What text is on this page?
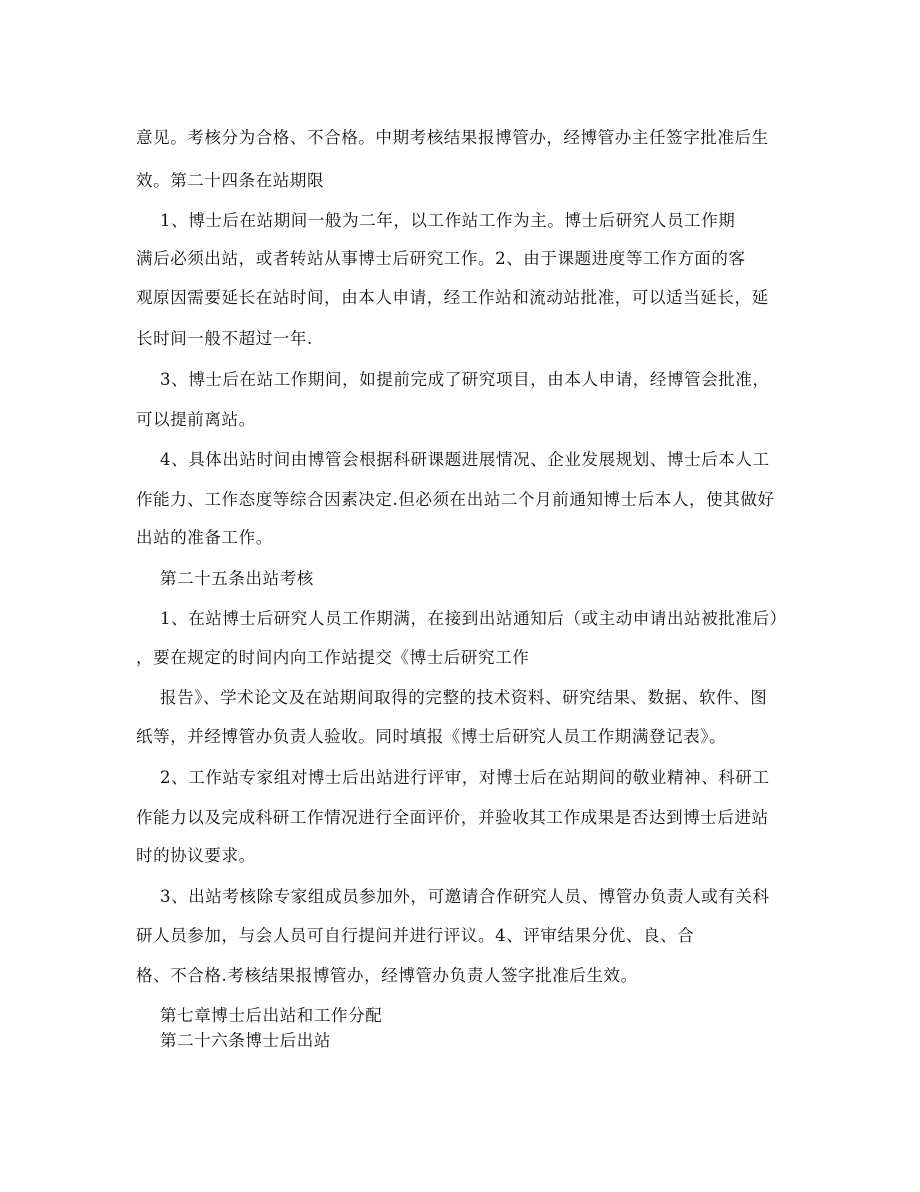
意见。考核分为合格、不合格。中期考核结果报博管办，经博管办主任签字批准后生
效。第二十四条在站期限
1、博士后在站期间一般为二年，以工作站工作为主。博士后研究人员工作期
满后必须出站，或者转站从事博士后研究工作。2、由于课题进度等工作方面的客
观原因需要延长在站时间，由本人申请，经工作站和流动站批准，可以适当延长，延
长时间一般不超过一年.
3、博士后在站工作期间，如提前完成了研究项目，由本人申请，经博管会批准，
可以提前离站。
4、具体出站时间由博管会根据科研课题进展情况、企业发展规划、博士后本人工
作能力、工作态度等综合因素决定.但必须在出站二个月前通知博士后本人，使其做好
出站的准备工作。
第二十五条出站考核
1、在站博士后研究人员工作期满，在接到出站通知后（或主动申请出站被批准后）
，要在规定的时间内向工作站提交《博士后研究工作
报告》、学术论文及在站期间取得的完整的技术资料、研究结果、数据、软件、图
纸等，并经博管办负责人验收。同时填报《博士后研究人员工作期满登记表》。
2、工作站专家组对博士后出站进行评审，对博士后在站期间的敬业精神、科研工
作能力以及完成科研工作情况进行全面评价，并验收其工作成果是否达到博士后进站
时的协议要求。
3、出站考核除专家组成员参加外，可邀请合作研究人员、博管办负责人或有关科
研人员参加，与会人员可自行提问并进行评议。4、评审结果分优、良、合
格、不合格.考核结果报博管办，经博管办负责人签字批准后生效。
第七章博士后出站和工作分配
第二十六条博士后出站
